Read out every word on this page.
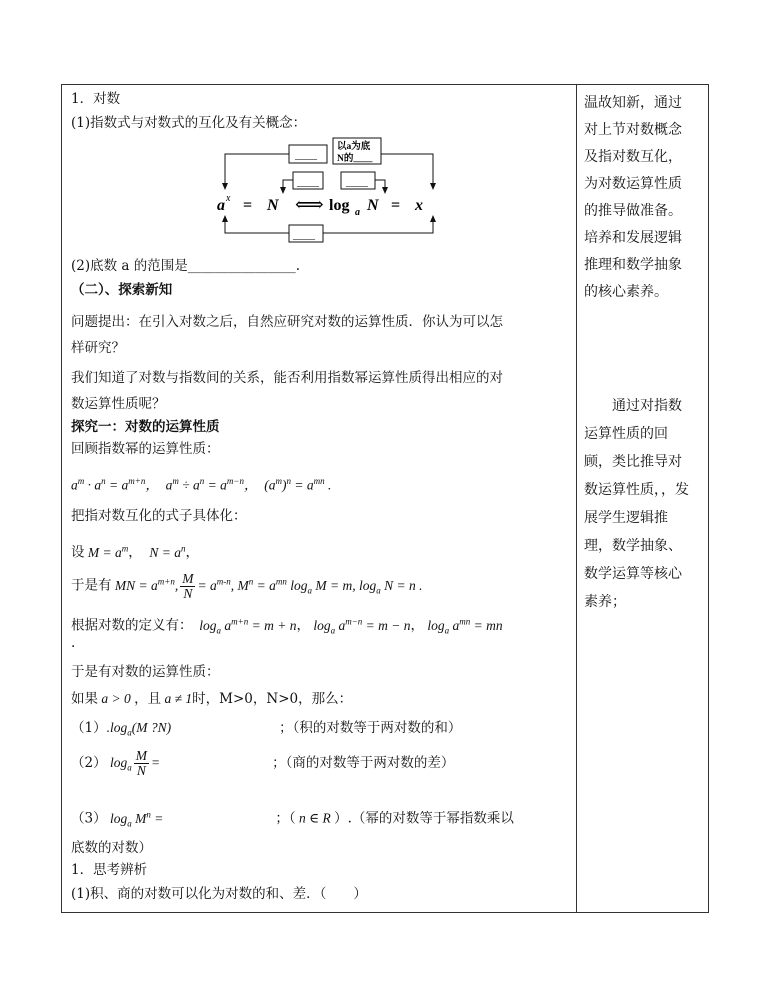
1．对数
(1)指数式与对数式的互化及有关概念：
____
以a为底
N的____
____ ____
a x = N ⟺ log a N = x
____
(2)底数 a 的范围是________________.
（二）、探索新知
问题提出：在引入对数之后，自然应研究对数的运算性质．你认为可以怎
样研究？
我们知道了对数与指数间的关系，能否利用指数幂运算性质得出相应的对
数运算性质呢？
探究一：对数的运算性质
回顾指数幂的运算性质：
$a^m \cdot a^n = a^{m+n}$，  $a^m \div a^n = a^{m-n}$，  $(a^m)^n = a^{mn}$ .
把指对数互化的式子具体化：
设 $M = a^m$，  $N = a^n$，
于是有 MN = $a^{m+n}$, $\frac{M}{N} = a^{m-n}$, $M^n = a^{mn}$ $\log_a M = m$, $\log_a N = n$ .
根据对数的定义有：  $\log_a a^{m+n} = m + n$， $\log_a a^{m-n} = m - n$， $\log_a a^{mn}$ = mn
.
于是有对数的运算性质：
如果 a > 0 ，且 a ≠ 1时，M>0，N>0，那么：
$(1).\log_a(M$ ?N)	；（积的对数等于两对数的和）
（2） $\log_a \frac{M}{N}$ =	；（商的对数等于两对数的差）
（3） $\log_a M^n$ =	；（ n ∈ R ）.（幂的对数等于幂指数乘以
底数的对数）
1．思考辨析
(1)积、商的对数可以化为对数的和、差．（　　）
温故知新，通过
对上节对数概念
及指对数互化，
为对数运算性质
的推导做准备。
培养和发展逻辑
推理和数学抽象
的核心素养。
　　通过对指数
运算性质的回
顾，类比推导对
数运算性质，，发
展学生逻辑推
理，数学抽象、
数学运算等核心
素养；
